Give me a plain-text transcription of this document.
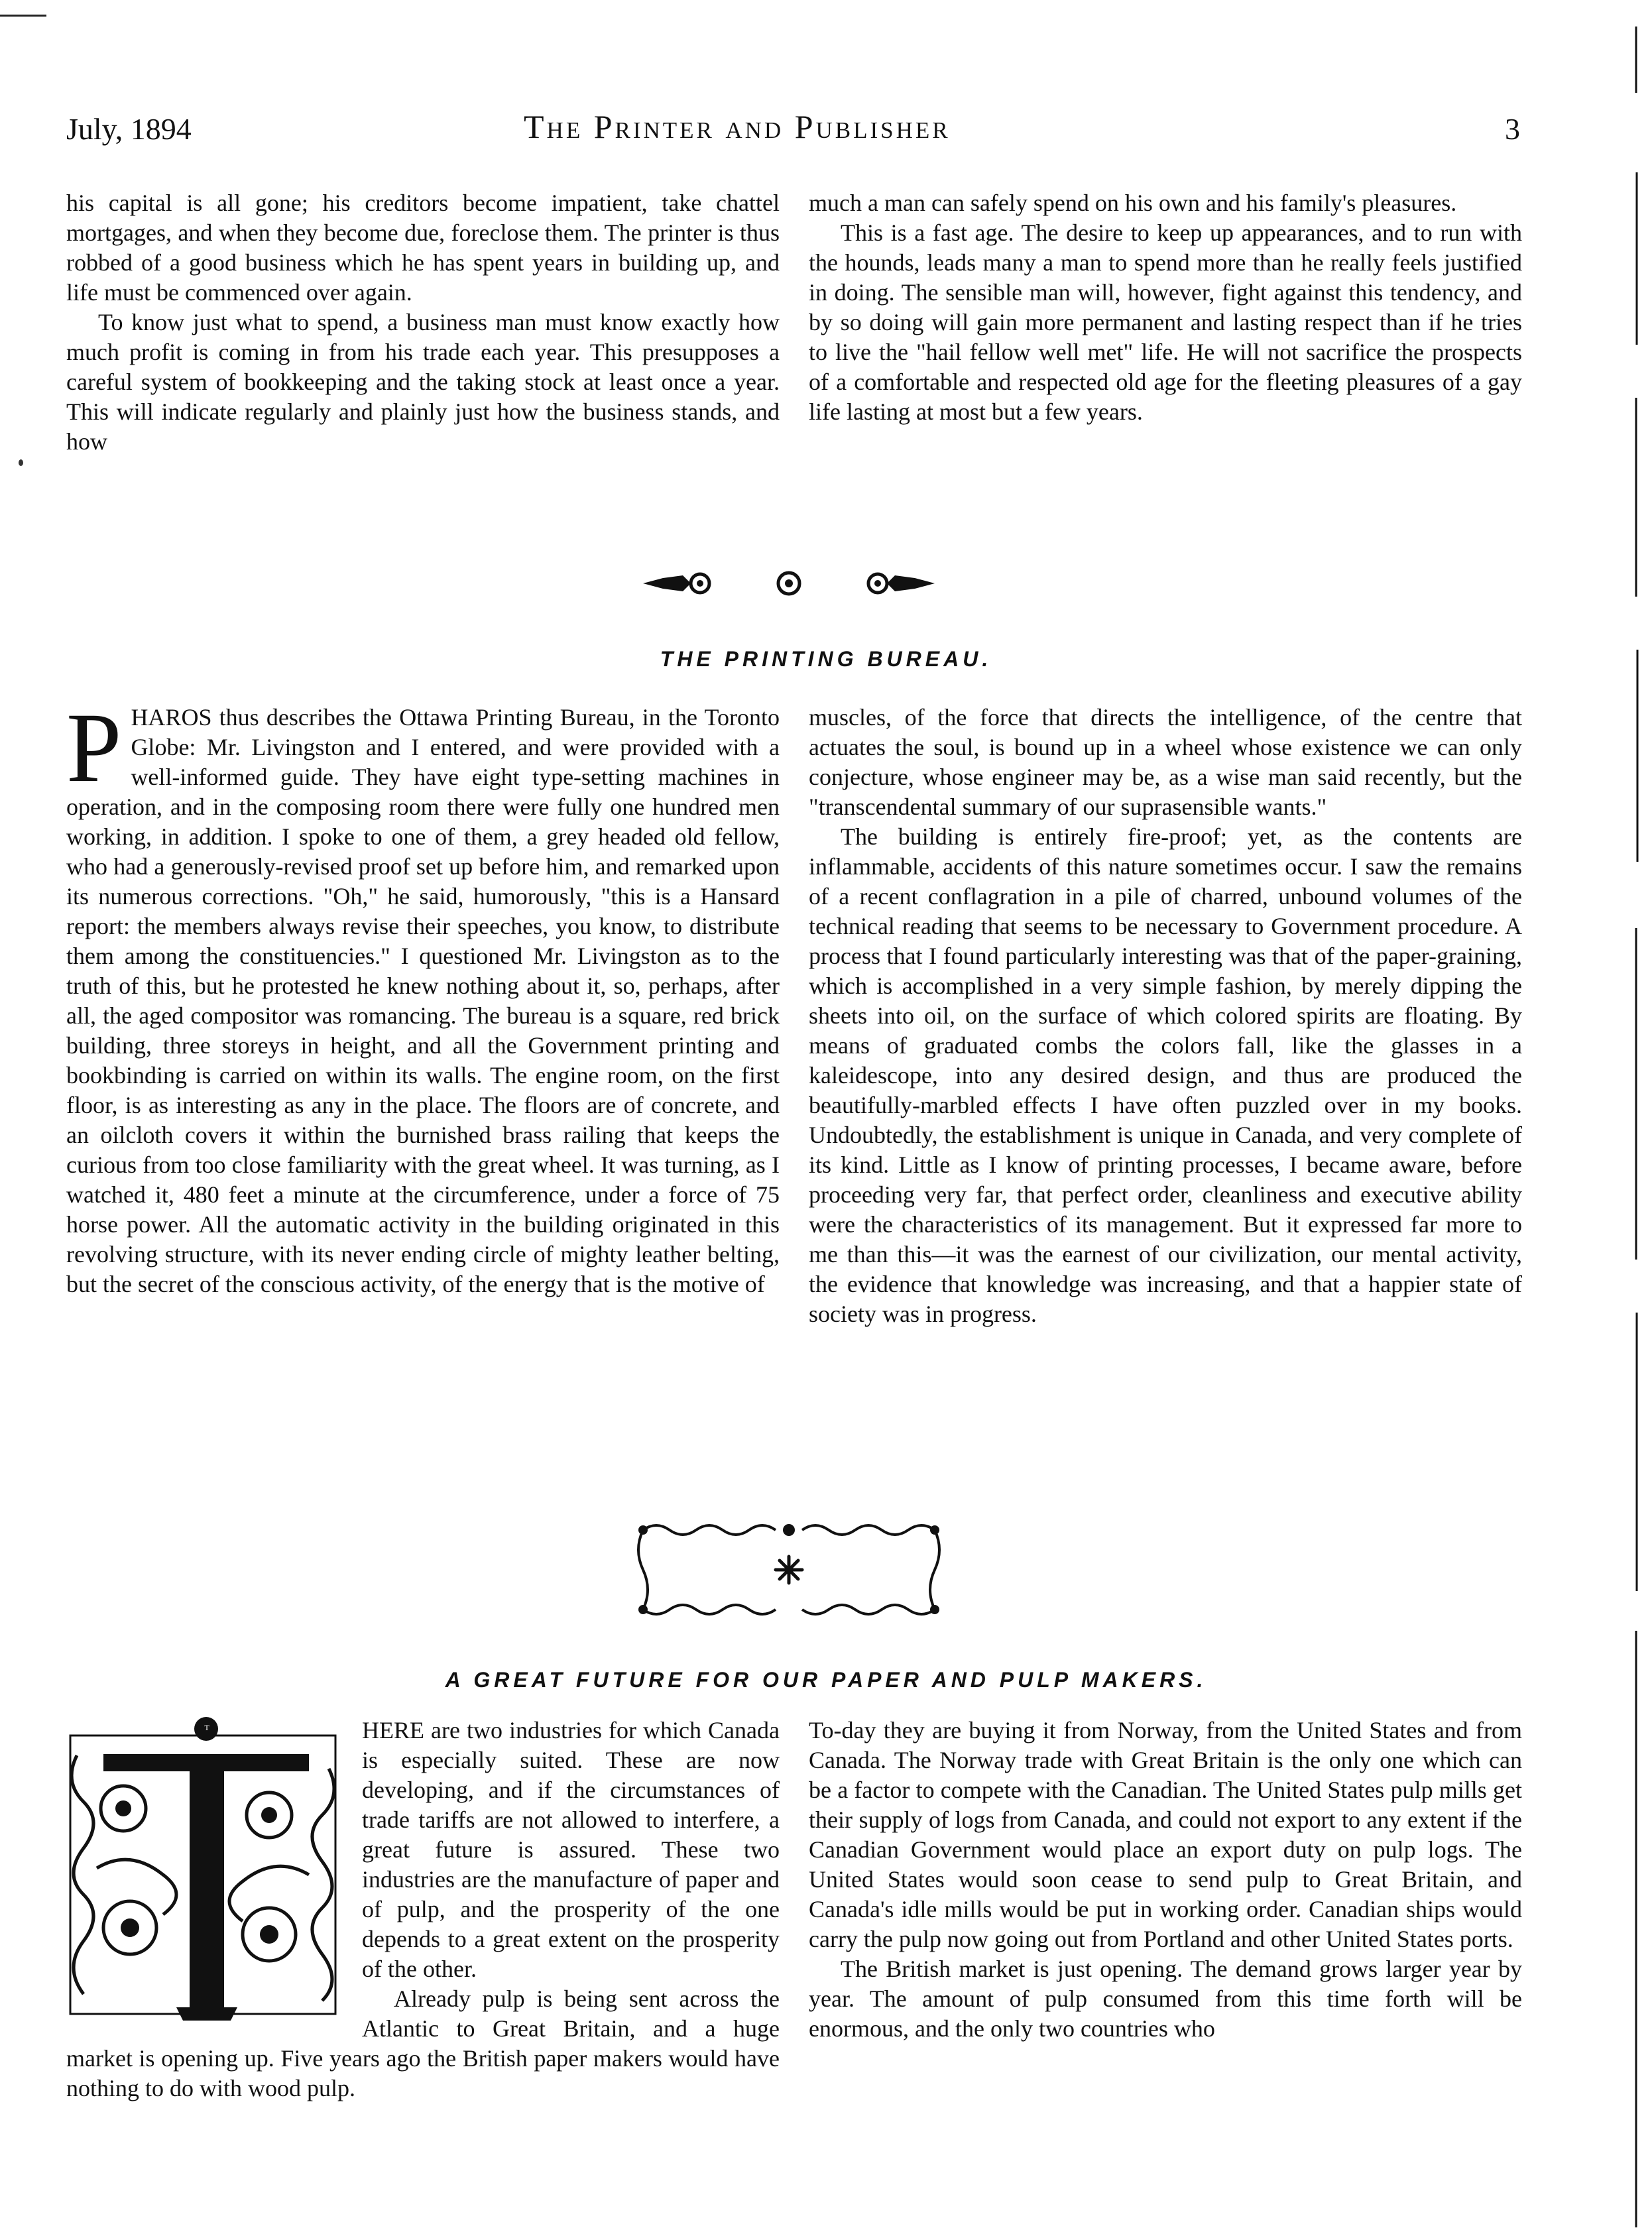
July, 1894	The Printer and Publisher	3

his capital is all gone; his creditors become impatient, take chattel mortgages, and when they become due, foreclose them. The printer is thus robbed of a good business which he has spent years in building up, and life must be commenced over again.

To know just what to spend, a business man must know exactly how much profit is coming in from his trade each year. This presupposes a careful system of bookkeeping and the taking stock at least once a year. This will indicate regularly and plainly just how the business stands, and how

much a man can safely spend on his own and his family's pleasures.

This is a fast age. The desire to keep up appearances, and to run with the hounds, leads many a man to spend more than he really feels justified in doing. The sensible man will, however, fight against this tendency, and by so doing will gain more permanent and lasting respect than if he tries to live the "hail fellow well met" life. He will not sacrifice the prospects of a comfortable and respected old age for the fleeting pleasures of a gay life lasting at most but a few years.

THE PRINTING BUREAU.

PHAROS thus describes the Ottawa Printing Bureau, in the Toronto Globe: Mr. Livingston and I entered, and were provided with a well-informed guide. They have eight type-setting machines in operation, and in the composing room there were fully one hundred men working, in addition. I spoke to one of them, a grey headed old fellow, who had a generously-revised proof set up before him, and remarked upon its numerous corrections. "Oh," he said, humorously, "this is a Hansard report: the members always revise their speeches, you know, to distribute them among the constituencies." I questioned Mr. Livingston as to the truth of this, but he protested he knew nothing about it, so, perhaps, after all, the aged compositor was romancing. The bureau is a square, red brick building, three storeys in height, and all the Government printing and bookbinding is carried on within its walls. The engine room, on the first floor, is as interesting as any in the place. The floors are of concrete, and an oilcloth covers it within the burnished brass railing that keeps the curious from too close familiarity with the great wheel. It was turning, as I watched it, 480 feet a minute at the circumference, under a force of 75 horse power. All the automatic activity in the building originated in this revolving structure, with its never ending circle of mighty leather belting, but the secret of the conscious activity, of the energy that is the motive of

muscles, of the force that directs the intelligence, of the centre that actuates the soul, is bound up in a wheel whose existence we can only conjecture, whose engineer may be, as a wise man said recently, but the "transcendental summary of our suprasensible wants."

The building is entirely fire-proof; yet, as the contents are inflammable, accidents of this nature sometimes occur. I saw the remains of a recent conflagration in a pile of charred, unbound volumes of the technical reading that seems to be necessary to Government procedure. A process that I found particularly interesting was that of the paper-graining, which is accomplished in a very simple fashion, by merely dipping the sheets into oil, on the surface of which colored spirits are floating. By means of graduated combs the colors fall, like the glasses in a kaleidescope, into any desired design, and thus are produced the beautifully-marbled effects I have often puzzled over in my books. Undoubtedly, the establishment is unique in Canada, and very complete of its kind. Little as I know of printing processes, I became aware, before proceeding very far, that perfect order, cleanliness and executive ability were the characteristics of its management. But it expressed far more to me than this—it was the earnest of our civilization, our mental activity, the evidence that knowledge was increasing, and that a happier state of society was in progress.

A GREAT FUTURE FOR OUR PAPER AND PULP MAKERS.

T	HERE are two industries for which Canada is especially suited. These are now developing, and if the circumstances of trade tariffs are not allowed to interfere, a great future is assured. These two industries are the manufacture of paper and of pulp, and the prosperity of the one depends to a great extent on the prosperity of the other.

Already pulp is being sent across the Atlantic to Great Britain, and a huge market is opening up. Five years ago the British paper makers would have nothing to do with wood pulp.

To-day they are buying it from Norway, from the United States and from Canada. The Norway trade with Great Britain is the only one which can be a factor to compete with the Canadian. The United States pulp mills get their supply of logs from Canada, and could not export to any extent if the Canadian Government would place an export duty on pulp logs. The United States would soon cease to send pulp to Great Britain, and Canada's idle mills would be put in working order. Canadian ships would carry the pulp now going out from Portland and other United States ports.

The British market is just opening. The demand grows larger year by year. The amount of pulp consumed from this time forth will be enormous, and the only two countries who
